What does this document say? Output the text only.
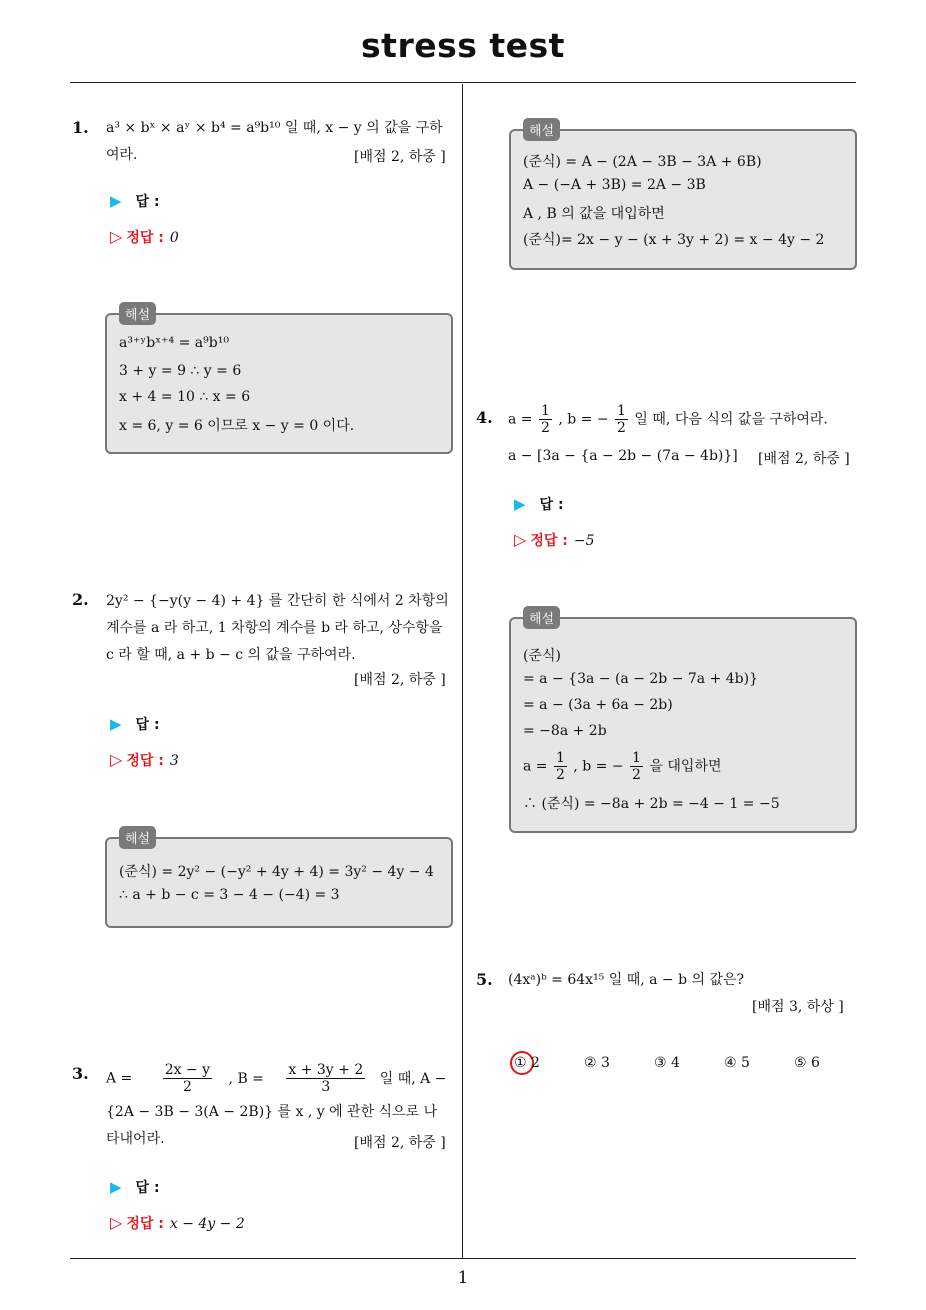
stress test
1
1. a³ × bˣ × aʸ × b⁴ = a⁹b¹⁰ 일 때, x − y 의 값을 구하
여라.	[배점 2, 하중 ]
▶ 답 :
▷ 정답 : 0
해설
a³⁺ʸbˣ⁺⁴ = a⁹b¹⁰
3 + y = 9 ∴ y = 6
x + 4 = 10 ∴ x = 6
x = 6, y = 6 이므로 x − y = 0 이다.
2. 2y² − {−y(y − 4) + 4} 를 간단히 한 식에서 2 차항의
계수를 a 라 하고, 1 차항의 계수를 b 라 하고, 상수항을
c 라 할 때, a + b − c 의 값을 구하여라.
[배점 2, 하중 ]
▶ 답 :
▷ 정답 : 3
해설
(준식) = 2y² − (−y² + 4y + 4) = 3y² − 4y − 4
∴ a + b − c = 3 − 4 − (−4) = 3
3. $A = \frac{2x - y}{2}$ , $B = \frac{x + 3y + 2}{3}$ 일 때, A −
{2A − 3B − 3(A − 2B)} 를 x , y 에 관한 식으로 나
타내어라.	[배점 2, 하중 ]
▶ 답 :
▷ 정답 : x − 4y − 2
해설
(준식) = A − (2A − 3B − 3A + 6B)
A − (−A + 3B) = 2A − 3B
A , B 의 값을 대입하면
(준식)= 2x − y − (x + 3y + 2) = x − 4y − 2
4. $a = \frac{1}{2}$ , b = − $\frac{1}{2}$ 일 때, 다음 식의 값을 구하여라.
a − [3a − {a − 2b − (7a − 4b)}] [배점 2, 하중 ]
▶ 답 :
▷ 정답 : −5
해설
(준식)
= a − {3a − (a − 2b − 7a + 4b)}
= a − (3a + 6a − 2b)
= −8a + 2b
$a = \frac{1}{2}$ , b = − $\frac{1}{2}$ 을 대입하면
∴ (준식) = −8a + 2b = −4 − 1 = −5
5. (4xᵃ)ᵇ = 64x¹⁵ 일 때, a − b 의 값은?
[배점 3, 하상 ]
① 2	② 3	③ 4	④ 5	⑤ 6
